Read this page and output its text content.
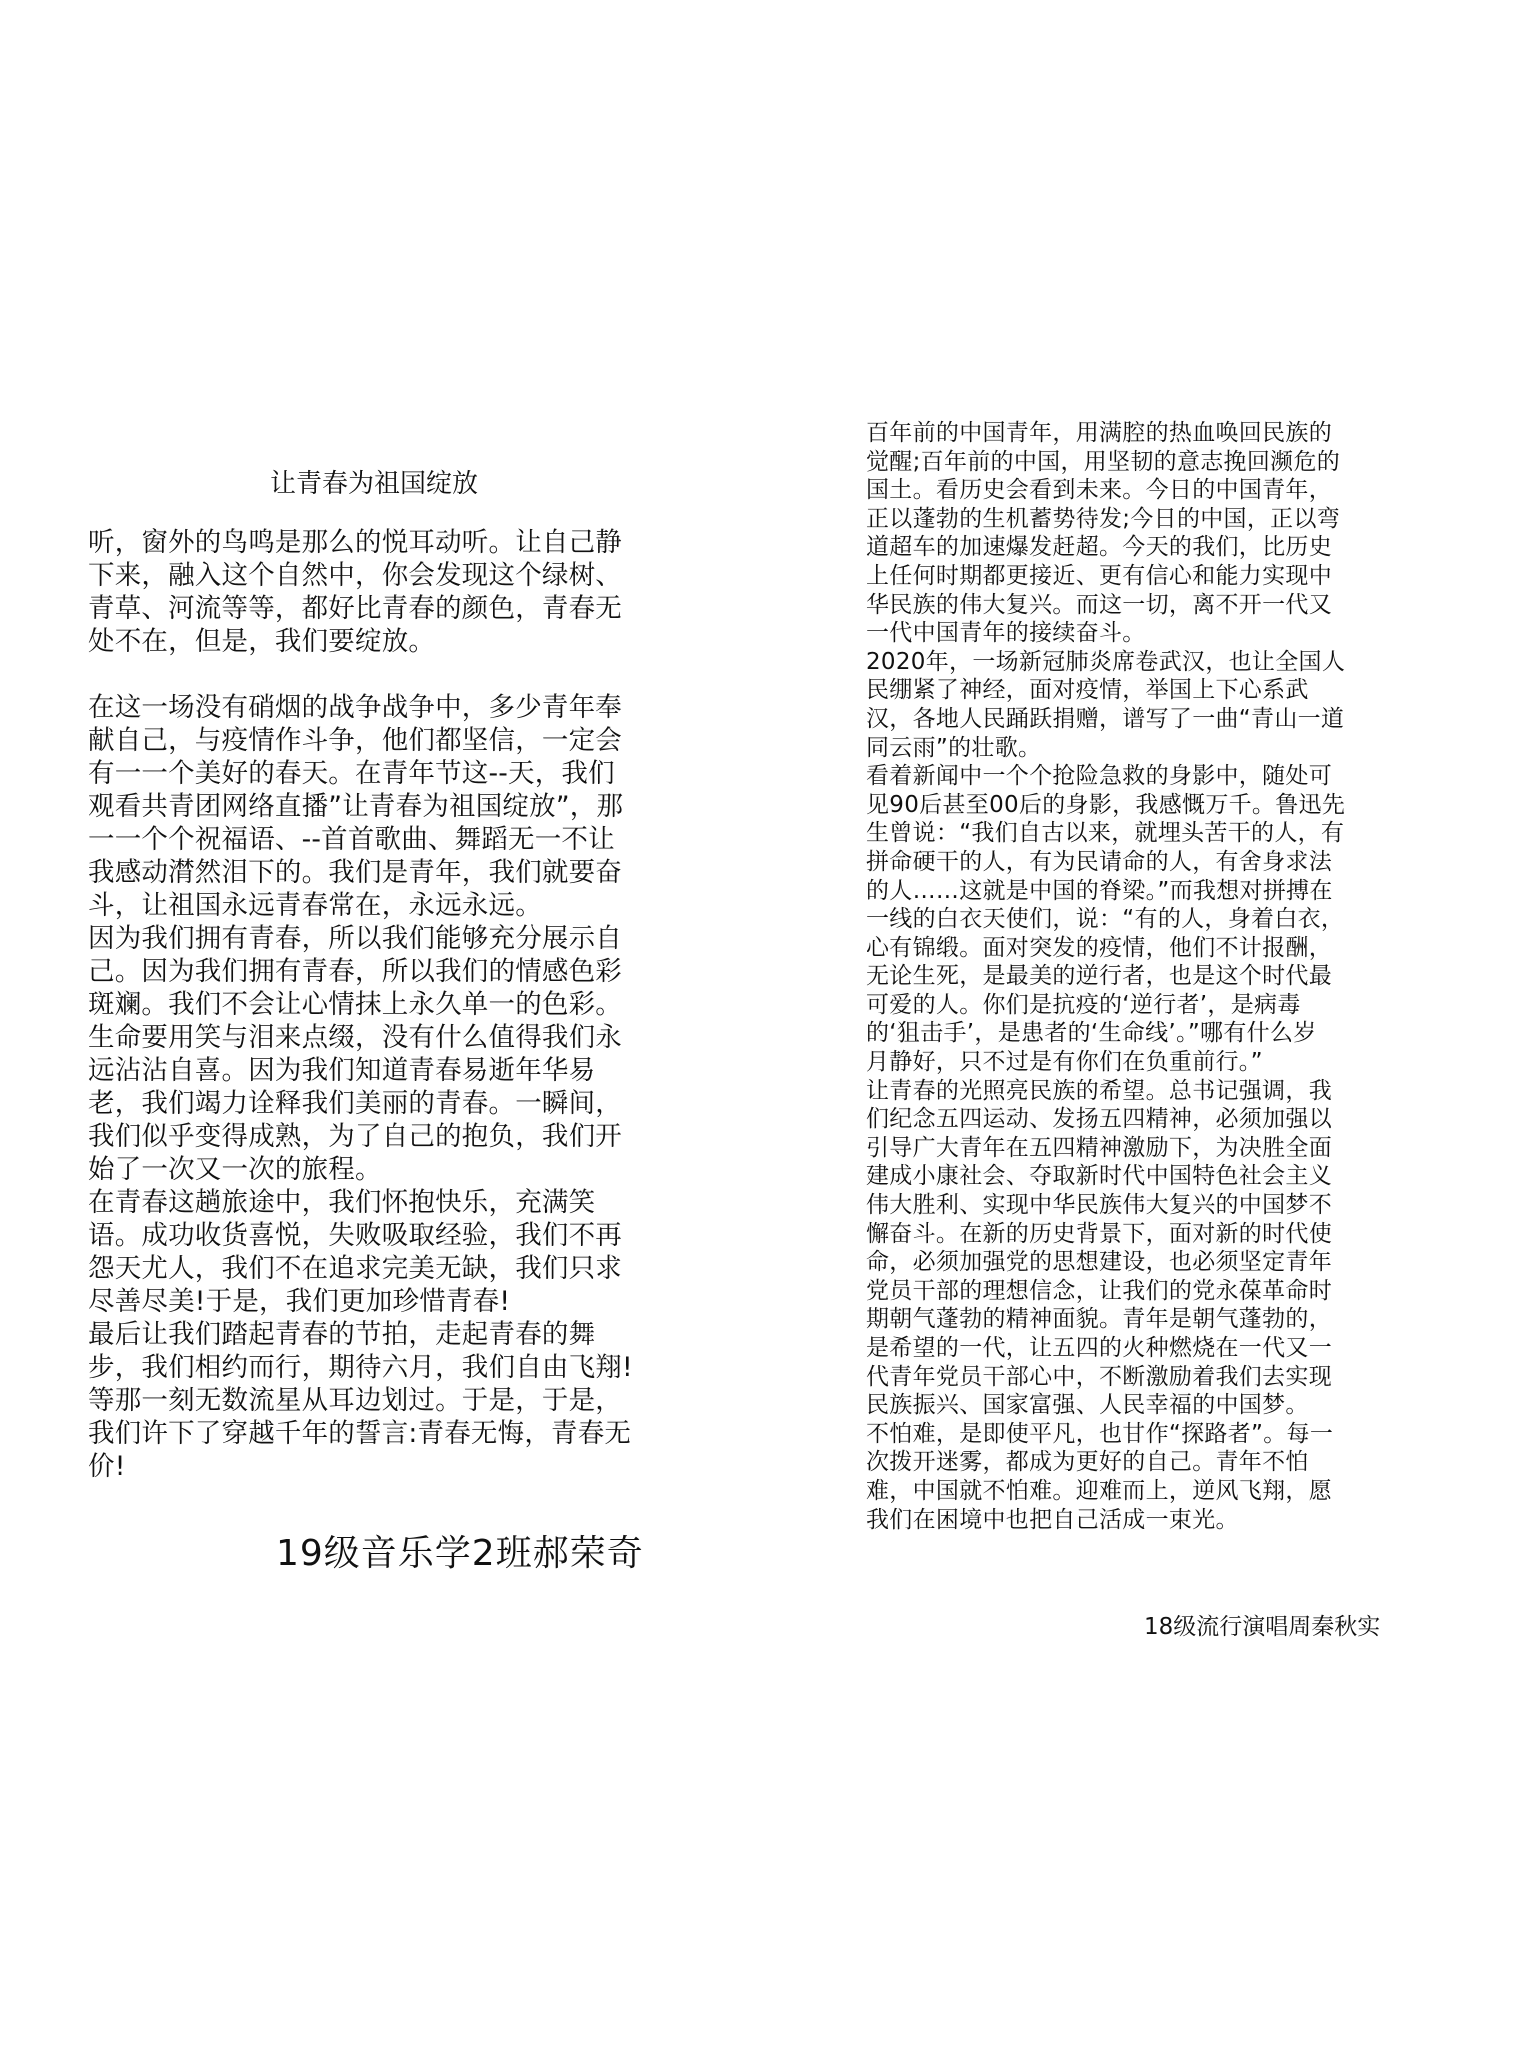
让青春为祖国绽放
听，窗外的鸟鸣是那么的悦耳动听。让自己静
下来，融入这个自然中，你会发现这个绿树、
青草、河流等等，都好比青春的颜色，青春无
处不在，但是，我们要绽放。
在这一场没有硝烟的战争战争中，多少青年奉
献自己，与疫情作斗争，他们都坚信，一定会
有一一个美好的春天。在青年节这--天，我们
观看共青团网络直播”让青春为祖国绽放”，那
一一个个祝福语、--首首歌曲、舞蹈无一不让
我感动潸然泪下的。我们是青年，我们就要奋
斗，让祖国永远青春常在，永远永远。
因为我们拥有青春，所以我们能够充分展示自
己。因为我们拥有青春，所以我们的情感色彩
斑斓。我们不会让心情抹上永久单一的色彩。
生命要用笑与泪来点缀，没有什么值得我们永
远沾沾自喜。因为我们知道青春易逝年华易
老，我们竭力诠释我们美丽的青春。一瞬间，
我们似乎变得成熟，为了自己的抱负，我们开
始了一次又一次的旅程。
在青春这趟旅途中，我们怀抱快乐，充满笑
语。成功收货喜悦，失败吸取经验，我们不再
怨天尤人，我们不在追求完美无缺，我们只求
尽善尽美!于是，我们更加珍惜青春!
最后让我们踏起青春的节拍，走起青春的舞
步，我们相约而行，期待六月，我们自由飞翔!
等那一刻无数流星从耳边划过。于是，于是，
我们许下了穿越千年的誓言:青春无悔，青春无
价!
19级音乐学2班郝荣奇
百年前的中国青年，用满腔的热血唤回民族的
觉醒;百年前的中国，用坚韧的意志挽回濒危的
国土。看历史会看到未来。今日的中国青年，
正以蓬勃的生机蓄势待发;今日的中国，正以弯
道超车的加速爆发赶超。今天的我们，比历史
上任何时期都更接近、更有信心和能力实现中
华民族的伟大复兴。而这一切，离不开一代又
一代中国青年的接续奋斗。
2020年，一场新冠肺炎席卷武汉，也让全国人
民绷紧了神经，面对疫情，举国上下心系武
汉，各地人民踊跃捐赠，谱写了一曲“青山一道
同云雨”的壮歌。
看着新闻中一个个抢险急救的身影中，随处可
见90后甚至00后的身影，我感慨万千。鲁迅先
生曾说：“我们自古以来，就埋头苦干的人，有
拼命硬干的人，有为民请命的人，有舍身求法
的人……这就是中国的脊梁。”而我想对拼搏在
一线的白衣天使们，说：“有的人，身着白衣，
心有锦缎。面对突发的疫情，他们不计报酬，
无论生死，是最美的逆行者，也是这个时代最
可爱的人。你们是抗疫的‘逆行者’，是病毒
的‘狙击手’，是患者的‘生命线’。”哪有什么岁
月静好，只不过是有你们在负重前行。”
让青春的光照亮民族的希望。总书记强调，我
们纪念五四运动、发扬五四精神，必须加强以
引导广大青年在五四精神激励下，为决胜全面
建成小康社会、夺取新时代中国特色社会主义
伟大胜利、实现中华民族伟大复兴的中国梦不
懈奋斗。在新的历史背景下，面对新的时代使
命，必须加强党的思想建设，也必须坚定青年
党员干部的理想信念，让我们的党永葆革命时
期朝气蓬勃的精神面貌。青年是朝气蓬勃的，
是希望的一代，让五四的火种燃烧在一代又一
代青年党员干部心中，不断激励着我们去实现
民族振兴、国家富强、人民幸福的中国梦。
不怕难，是即使平凡，也甘作“探路者”。每一
次拨开迷雾，都成为更好的自己。青年不怕
难，中国就不怕难。迎难而上，逆风飞翔，愿
我们在困境中也把自己活成一束光。
18级流行演唱周秦秋实
